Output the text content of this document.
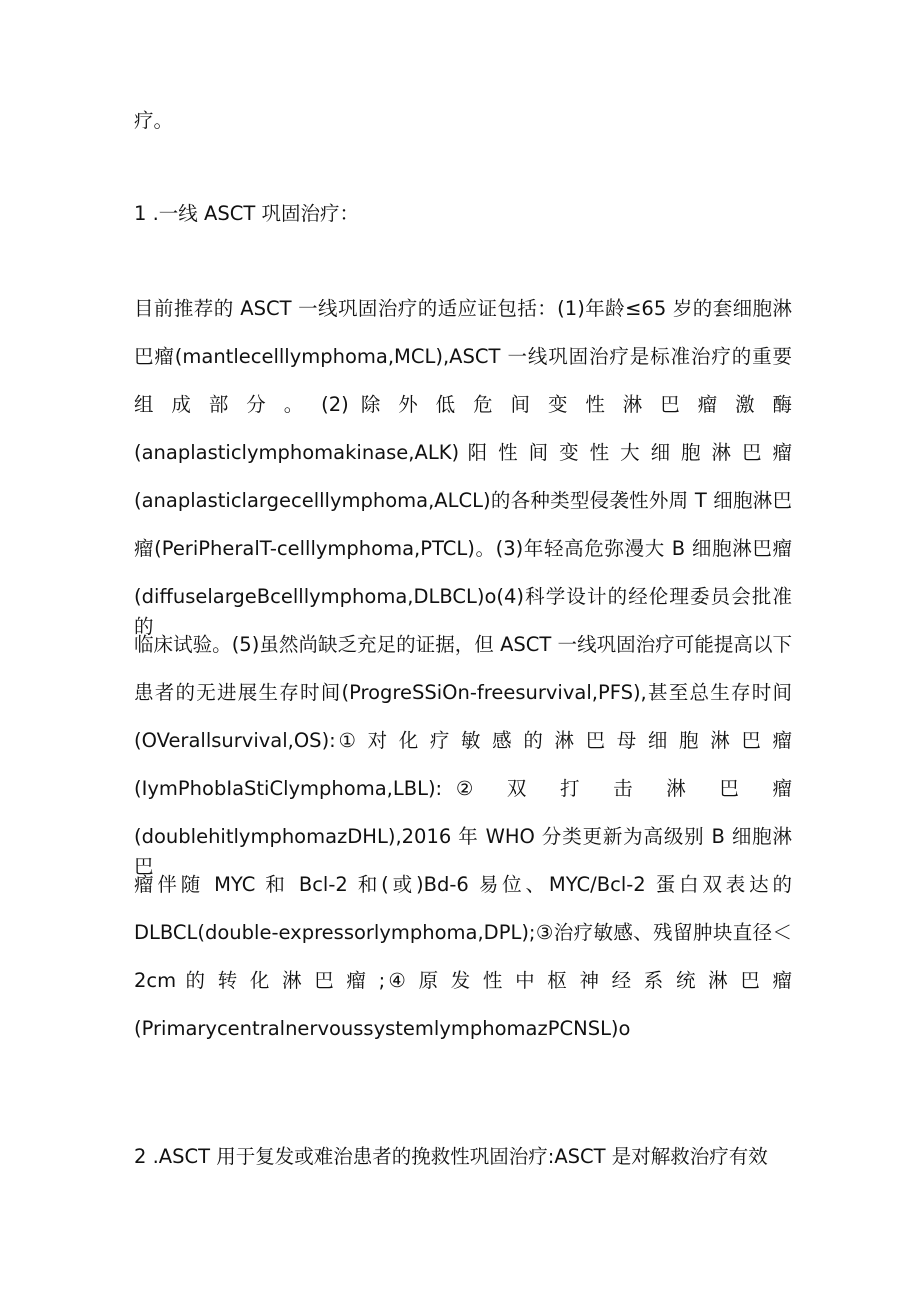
疗。
1 .一线 ASCT 巩固治疗：
目前推荐的 ASCT 一线巩固治疗的适应证包括：(1)年龄≤65 岁的套细胞淋
巴瘤(mantlecelllymphoma,MCL),ASCT 一线巩固治疗是标准治疗的重要
组 成 部 分 。 (2) 除 外 低 危 间 变 性 淋 巴 瘤 激 酶
(anaplasticlymphomakinase,ALK) 阳 性 间 变 性 大 细 胞 淋 巴 瘤
(anaplasticlargecelllymphoma,ALCL)的各种类型侵袭性外周 T 细胞淋巴
瘤(PeriPheralT-celllymphoma,PTCL)。(3)年轻高危弥漫大 B 细胞淋巴瘤
(diffuselargeBcelllymphoma,DLBCL)o(4)科学设计的经伦理委员会批准的
临床试验。(5)虽然尚缺乏充足的证据，但 ASCT 一线巩固治疗可能提高以下
患者的无进展生存时间(ProgreSSiOn-freesurvival,PFS),甚至总生存时间
(OVerallsurvival,OS):① 对 化 疗 敏 感 的 淋 巴 母 细 胞 淋 巴 瘤
(IymPhobIaStiClymphoma,LBL):② 双 打 击 淋 巴 瘤
(doublehitlymphomazDHL),2016 年 WHO 分类更新为高级别 B 细胞淋巴
瘤伴随 MYC 和 Bcl-2 和(或)Bd-6 易位、MYC/Bcl-2 蛋白双表达的
DLBCL(double-expressorlymphoma,DPL);③治疗敏感、残留肿块直径＜
2cm 的 转 化 淋 巴 瘤 ;④ 原 发 性 中 枢 神 经 系 统 淋 巴 瘤
(PrimarycentralnervoussystemlymphomazPCNSL)o
2 .ASCT 用于复发或难治患者的挽救性巩固治疗:ASCT 是对解救治疗有效
